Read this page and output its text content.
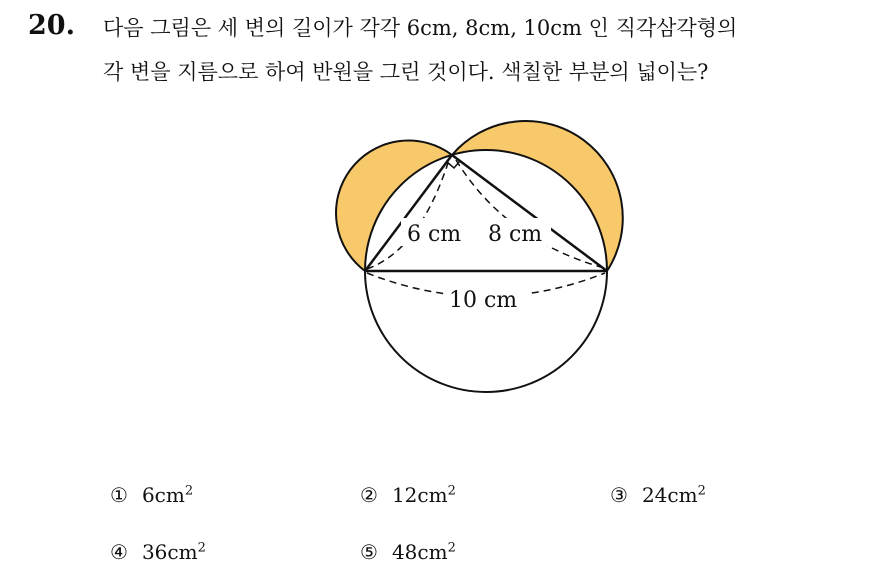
20. 다음 그림은 세 변의 길이가 각각 6cm, 8cm, 10cm 인 직각삼각형의
각 변을 지름으로 하여 반원을 그린 것이다. 색칠한 부분의 넓이는?
6 cm 8 cm
10 cm
① $6cm^2$	② $12cm^2$	③ $24cm^2$
④ $36cm^2$	⑤ $48cm^2$
